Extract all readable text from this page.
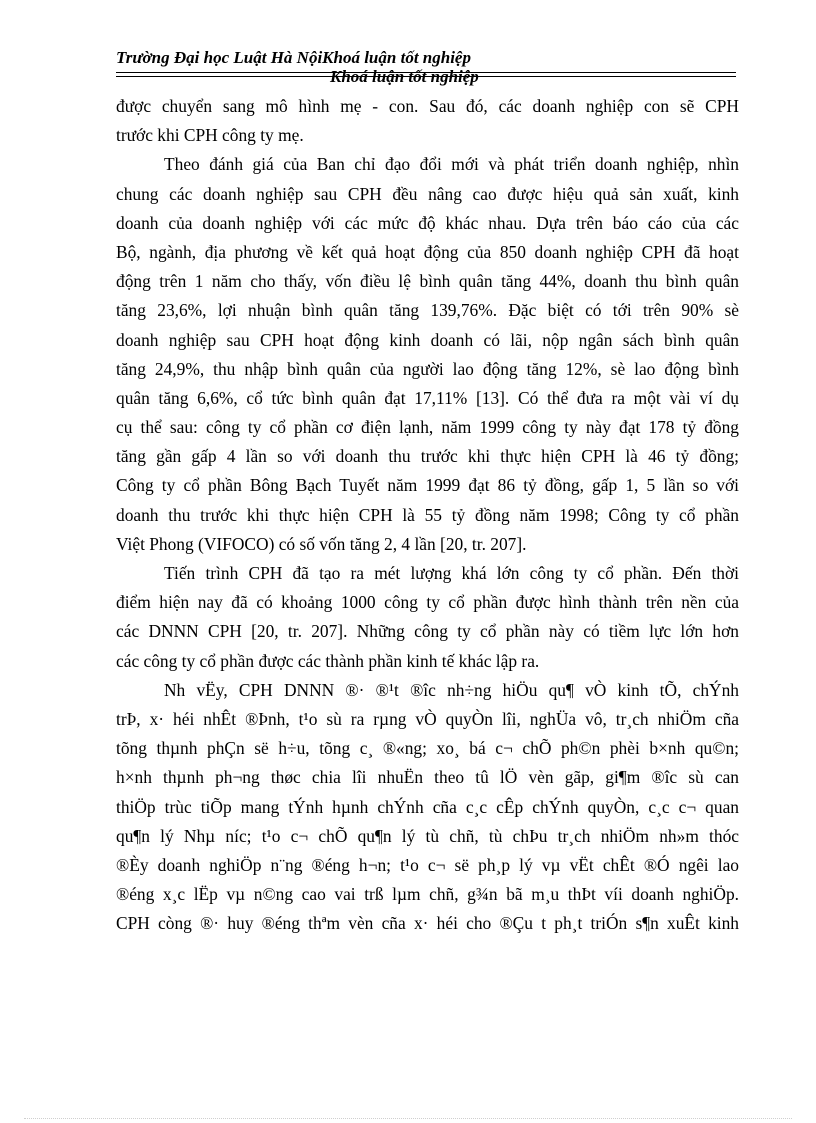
Trường Đại học Luật Hà NộiKhoá luận tốt nghiệp
Khoá luận tốt nghiệp
được chuyển sang mô hình mẹ - con. Sau đó, các doanh nghiệp con sẽ CPH
trước khi CPH công ty mẹ.
Theo đánh giá của Ban chỉ đạo đổi mới và phát triển doanh nghiệp, nhìn
chung các doanh nghiệp sau CPH đều nâng cao được hiệu quả sản xuất, kinh
doanh của doanh nghiệp với các mức độ khác nhau. Dựa trên báo cáo của các
Bộ, ngành, địa phương về kết quả hoạt động của 850 doanh nghiệp CPH đã hoạt
động trên 1 năm cho thấy, vốn điều lệ bình quân tăng 44%, doanh thu bình quân
tăng 23,6%, lợi nhuận bình quân tăng 139,76%. Đặc biệt có tới trên 90% sè
doanh nghiệp sau CPH hoạt động kinh doanh có lãi, nộp ngân sách bình quân
tăng 24,9%, thu nhập bình quân của người lao động tăng 12%, sè lao động bình
quân tăng 6,6%, cổ tức bình quân đạt 17,11% [13]. Có thể đưa ra một vài ví dụ
cụ thể sau: công ty cổ phần cơ điện lạnh, năm 1999 công ty này đạt 178 tỷ đồng
tăng gần gấp 4 lần so với doanh thu trước khi thực hiện CPH là 46 tỷ đồng;
Công ty cổ phần Bông Bạch Tuyết năm 1999 đạt 86 tỷ đồng, gấp 1, 5 lần so với
doanh thu trước khi thực hiện CPH là 55 tỷ đồng năm 1998; Công ty cổ phần
Việt Phong (VIFOCO) có số vốn tăng 2, 4 lần [20, tr. 207].
Tiến trình CPH đã tạo ra mét lượng khá lớn công ty cổ phần. Đến thời
điểm hiện nay đã có khoảng 1000 công ty cổ phần được hình thành trên nền của
các DNNN CPH [20, tr. 207]. Những công ty cổ phần này có tiềm lực lớn hơn
các công ty cổ phần được các thành phần kinh tế khác lập ra.
Nh vËy, CPH DNNN ®· ®¹t ®îc nh÷ng hiÖu qu¶ vÒ kinh tÕ, chÝnh
trÞ, x· héi nhÊt ®Þnh, t¹o sù ra rµng vÒ quyÒn lîi, nghÜa vô, tr¸ch nhiÖm cña
tõng thµnh phÇn së h÷u, tõng c¸ ®«ng; xo¸ bá c¬ chÕ ph©n phèi b×nh qu©n;
h×nh thµnh ph¬ng thøc chia lîi nhuËn theo tû lÖ vèn gãp, gi¶m ®îc sù can
thiÖp trùc tiÕp mang tÝnh hµnh chÝnh cña c¸c cÊp chÝnh quyÒn, c¸c c¬ quan
qu¶n lý Nhµ níc; t¹o c¬ chÕ qu¶n lý tù chñ, tù chÞu tr¸ch nhiÖm nh»m thóc
®Èy doanh nghiÖp n¨ng ®éng h¬n; t¹o c¬ së ph¸p lý vµ vËt chÊt ®Ó ngêi lao
®éng x¸c lËp vµ n©ng cao vai trß lµm chñ, g¾n bã m¸u thÞt víi doanh nghiÖp.
CPH còng ®· huy ®éng thªm vèn cña x· héi cho ®Çu t ph¸t triÓn s¶n xuÊt kinh
